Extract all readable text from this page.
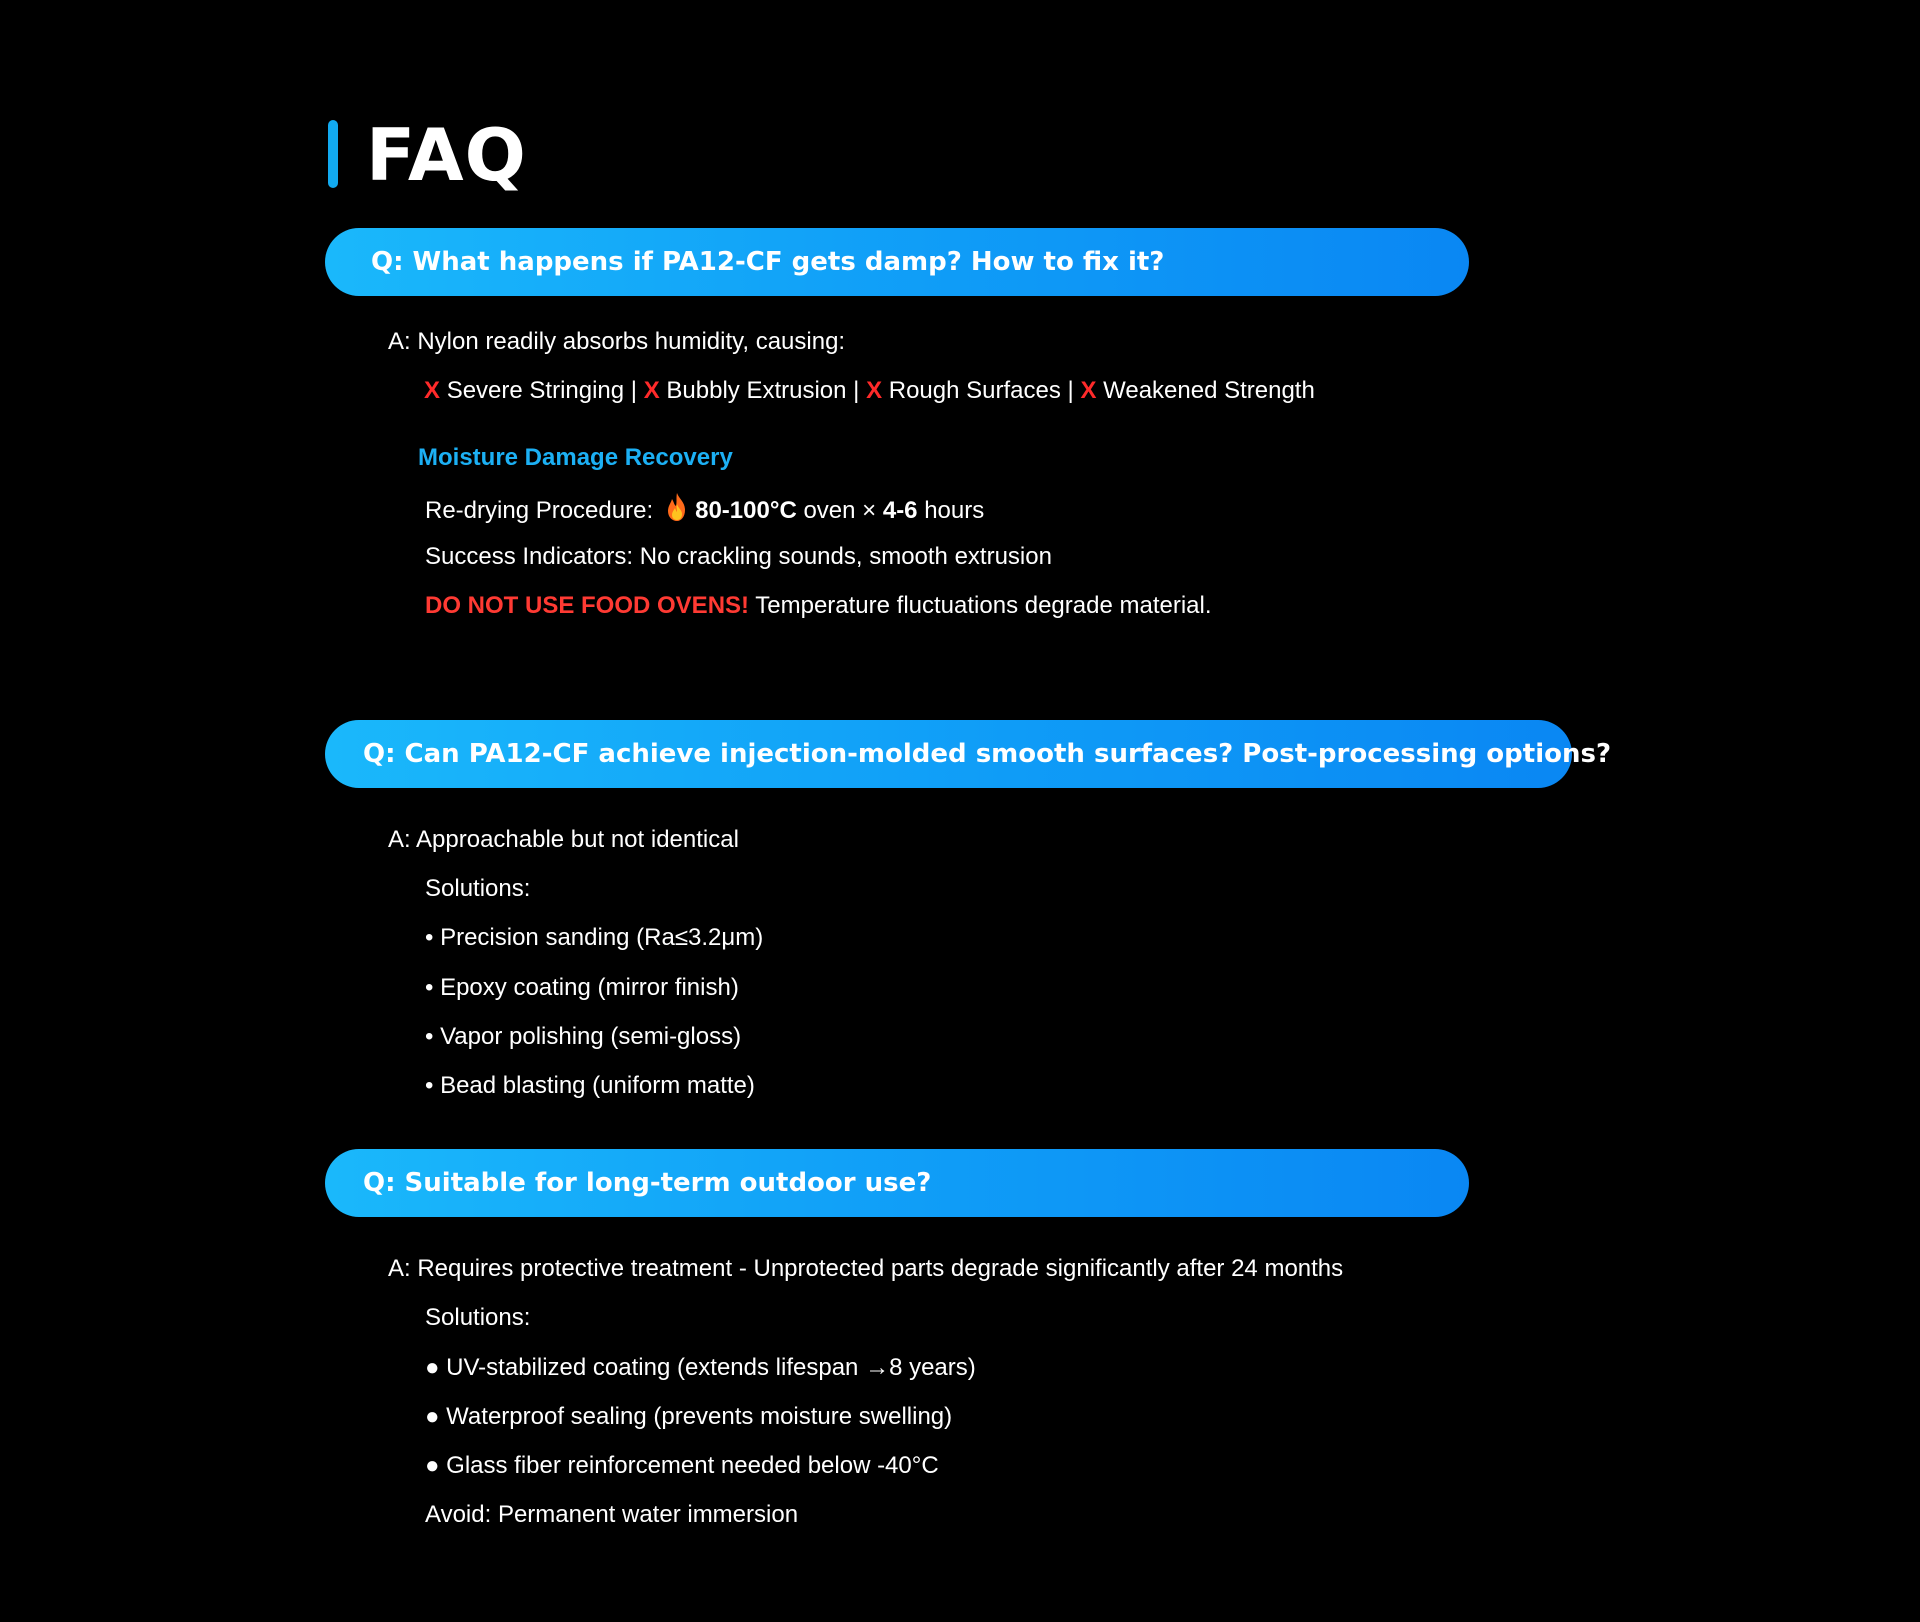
FAQ
Q: What happens if PA12-CF gets damp? How to fix it?
A: Nylon readily absorbs humidity, causing:
X Severe Stringing | X Bubbly Extrusion | X Rough Surfaces | X Weakened Strength
Moisture Damage Recovery
Re-drying Procedure: 80-100°C oven × 4-6 hours
Success Indicators: No crackling sounds, smooth extrusion
DO NOT USE FOOD OVENS! Temperature fluctuations degrade material.
Q: Can PA12-CF achieve injection-molded smooth surfaces? Post-processing options?
A: Approachable but not identical
Solutions:
• Precision sanding (Ra≤3.2μm)
• Epoxy coating (mirror finish)
• Vapor polishing (semi-gloss)
• Bead blasting (uniform matte)
Q: Suitable for long-term outdoor use?
A: Requires protective treatment - Unprotected parts degrade significantly after 24 months
Solutions:
● UV-stabilized coating (extends lifespan →8 years)
● Waterproof sealing (prevents moisture swelling)
● Glass fiber reinforcement needed below -40°C
Avoid: Permanent water immersion
